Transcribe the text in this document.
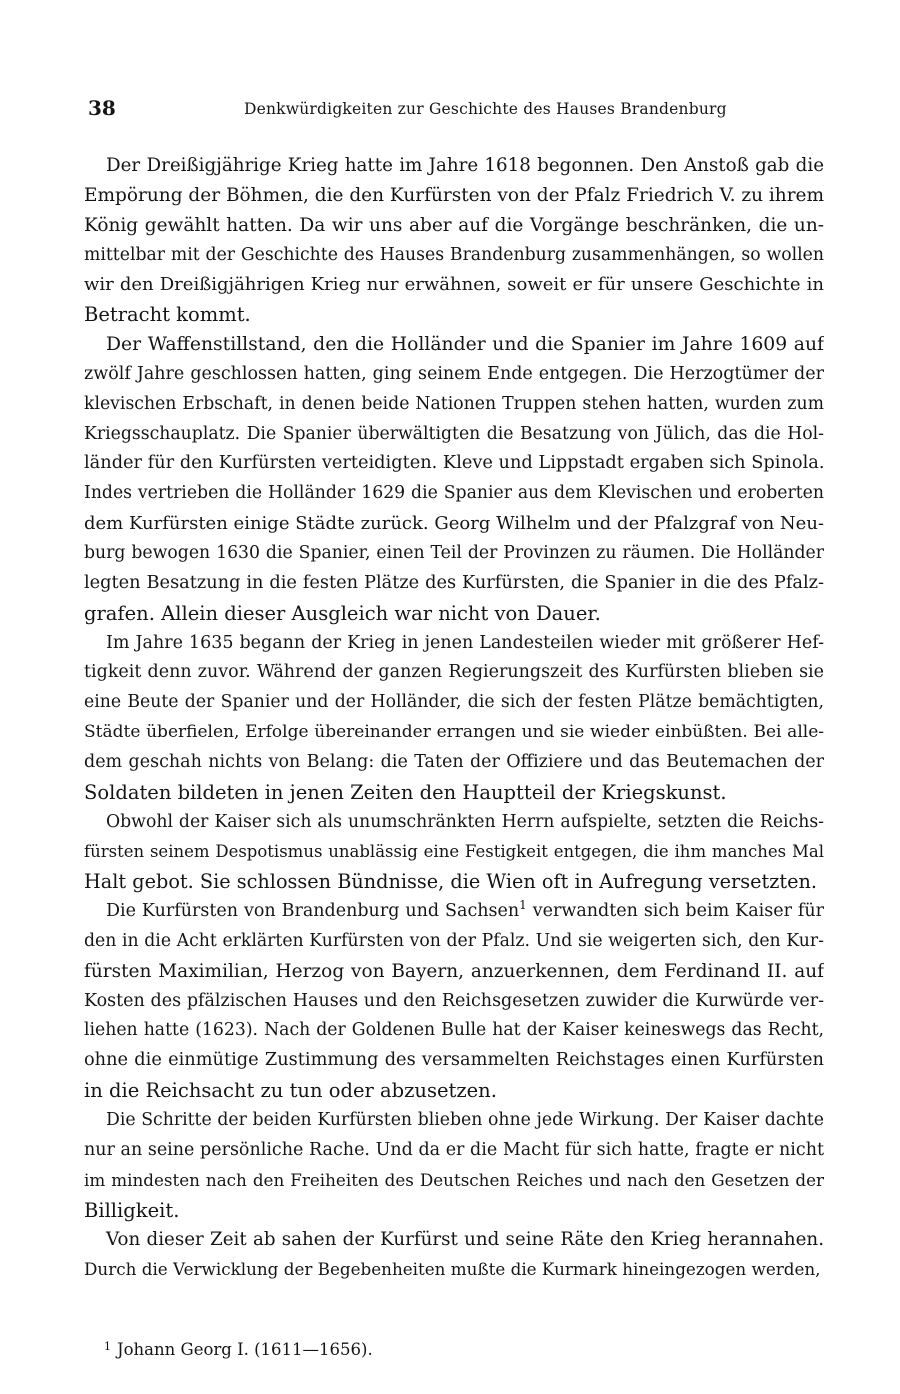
38	Denkwürdigkeiten zur Geschichte des Hauses Brandenburg
Der Dreißigjährige Krieg hatte im Jahre 1618 begonnen. Den Anstoß gab die
Empörung der Böhmen, die den Kurfürsten von der Pfalz Friedrich V. zu ihrem
König gewählt hatten. Da wir uns aber auf die Vorgänge beschränken, die un-
mittelbar mit der Geschichte des Hauses Brandenburg zusammenhängen, so wollen
wir den Dreißigjährigen Krieg nur erwähnen, soweit er für unsere Geschichte in
Betracht kommt.
Der Waffenstillstand, den die Holländer und die Spanier im Jahre 1609 auf
zwölf Jahre geschlossen hatten, ging seinem Ende entgegen. Die Herzogtümer der
klevischen Erbschaft, in denen beide Nationen Truppen stehen hatten, wurden zum
Kriegsschauplatz. Die Spanier überwältigten die Besatzung von Jülich, das die Hol-
länder für den Kurfürsten verteidigten. Kleve und Lippstadt ergaben sich Spinola.
Indes vertrieben die Holländer 1629 die Spanier aus dem Klevischen und eroberten
dem Kurfürsten einige Städte zurück. Georg Wilhelm und der Pfalzgraf von Neu-
burg bewogen 1630 die Spanier, einen Teil der Provinzen zu räumen. Die Holländer
legten Besatzung in die festen Plätze des Kurfürsten, die Spanier in die des Pfalz-
grafen. Allein dieser Ausgleich war nicht von Dauer.
Im Jahre 1635 begann der Krieg in jenen Landesteilen wieder mit größerer Hef-
tigkeit denn zuvor. Während der ganzen Regierungszeit des Kurfürsten blieben sie
eine Beute der Spanier und der Holländer, die sich der festen Plätze bemächtigten,
Städte überfielen, Erfolge übereinander errangen und sie wieder einbüßten. Bei alle-
dem geschah nichts von Belang: die Taten der Offiziere und das Beutemachen der
Soldaten bildeten in jenen Zeiten den Hauptteil der Kriegskunst.
Obwohl der Kaiser sich als unumschränkten Herrn aufspielte, setzten die Reichs-
fürsten seinem Despotismus unablässig eine Festigkeit entgegen, die ihm manches Mal
Halt gebot. Sie schlossen Bündnisse, die Wien oft in Aufregung versetzten.
Die Kurfürsten von Brandenburg und Sachsen$^1$ verwandten sich beim Kaiser für
den in die Acht erklärten Kurfürsten von der Pfalz. Und sie weigerten sich, den Kur-
fürsten Maximilian, Herzog von Bayern, anzuerkennen, dem Ferdinand II. auf
Kosten des pfälzischen Hauses und den Reichsgesetzen zuwider die Kurwürde ver-
liehen hatte (1623). Nach der Goldenen Bulle hat der Kaiser keineswegs das Recht,
ohne die einmütige Zustimmung des versammelten Reichstages einen Kurfürsten
in die Reichsacht zu tun oder abzusetzen.
Die Schritte der beiden Kurfürsten blieben ohne jede Wirkung. Der Kaiser dachte
nur an seine persönliche Rache. Und da er die Macht für sich hatte, fragte er nicht
im mindesten nach den Freiheiten des Deutschen Reiches und nach den Gesetzen der
Billigkeit.
Von dieser Zeit ab sahen der Kurfürst und seine Räte den Krieg herannahen.
Durch die Verwicklung der Begebenheiten mußte die Kurmark hineingezogen werden,
$^1$ Johann Georg I. (1611—1656).
